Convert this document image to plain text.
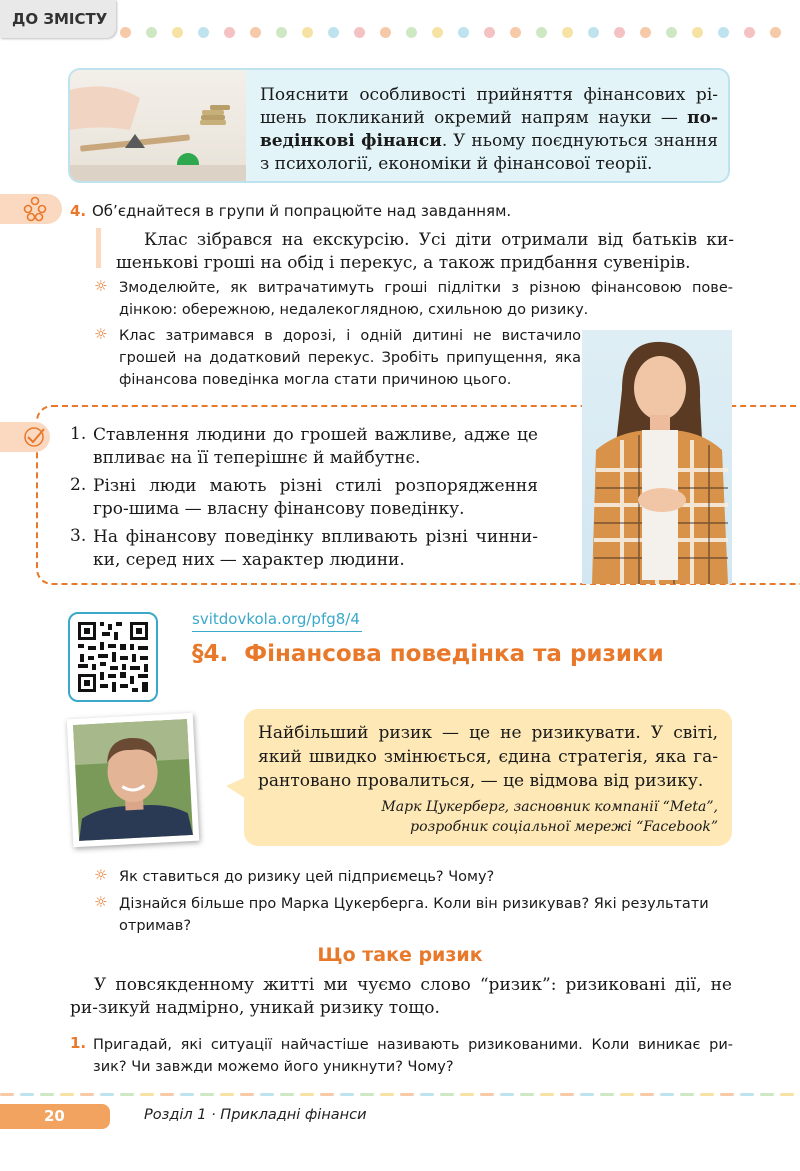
ДО ЗМІСТУ
Пояснити особливості прийняття фінансових рі-шень покликаний окремий напрям науки — по-ведінкові фінанси. У ньому поєднуються знання з психології, економіки й фінансової теорії.
4. Об’єднайтеся в групи й попрацюйте над завданням.
Клас зібрався на екскурсію. Усі діти отримали від батьків ки-шенькові гроші на обід і перекус, а також придбання сувенірів.
☼ Змоделюйте, як витрачатимуть гроші підлітки з різною фінансовою пове-дінкою: обережною, недалекоглядною, схильною до ризику.
☼ Клас затримався в дорозі, і одній дитині не вистачило грошей на додатковий перекус. Зробіть припущення, яка фінансова поведінка могла стати причиною цього.
1. Ставлення людини до грошей важливе, адже це впливає на її теперішнє й майбутнє.
2. Різні люди мають різні стилі розпорядження гро-шима — власну фінансову поведінку.
3. На фінансову поведінку впливають різні чинни-ки, серед них — характер людини.
svitdovkola.org/pfg8/4
§4.  Фінансова поведінка та ризики
Найбільший ризик — це не ризикувати. У світі, який швидко змінюється, єдина стратегія, яка га-рантовано провалиться, — це відмова від ризику.
Марк Цукерберг, засновник компанії “Meta”,
розробник соціальної мережі “Facebook”
☼ Як ставиться до ризику цей підприємець? Чому?
☼ Дізнайся більше про Марка Цукерберга. Коли він ризикував? Які результати отримав?
Що таке ризик
У повсякденному житті ми чуємо слово “ризик”: ризиковані дії, не ри-зикуй надмірно, уникай ризику тощо.
1. Пригадай, які ситуації найчастіше називають ризикованими. Коли виникає ри-зик? Чи завжди можемо його уникнути? Чому?
20	Розділ 1 · Прикладні фінанси
